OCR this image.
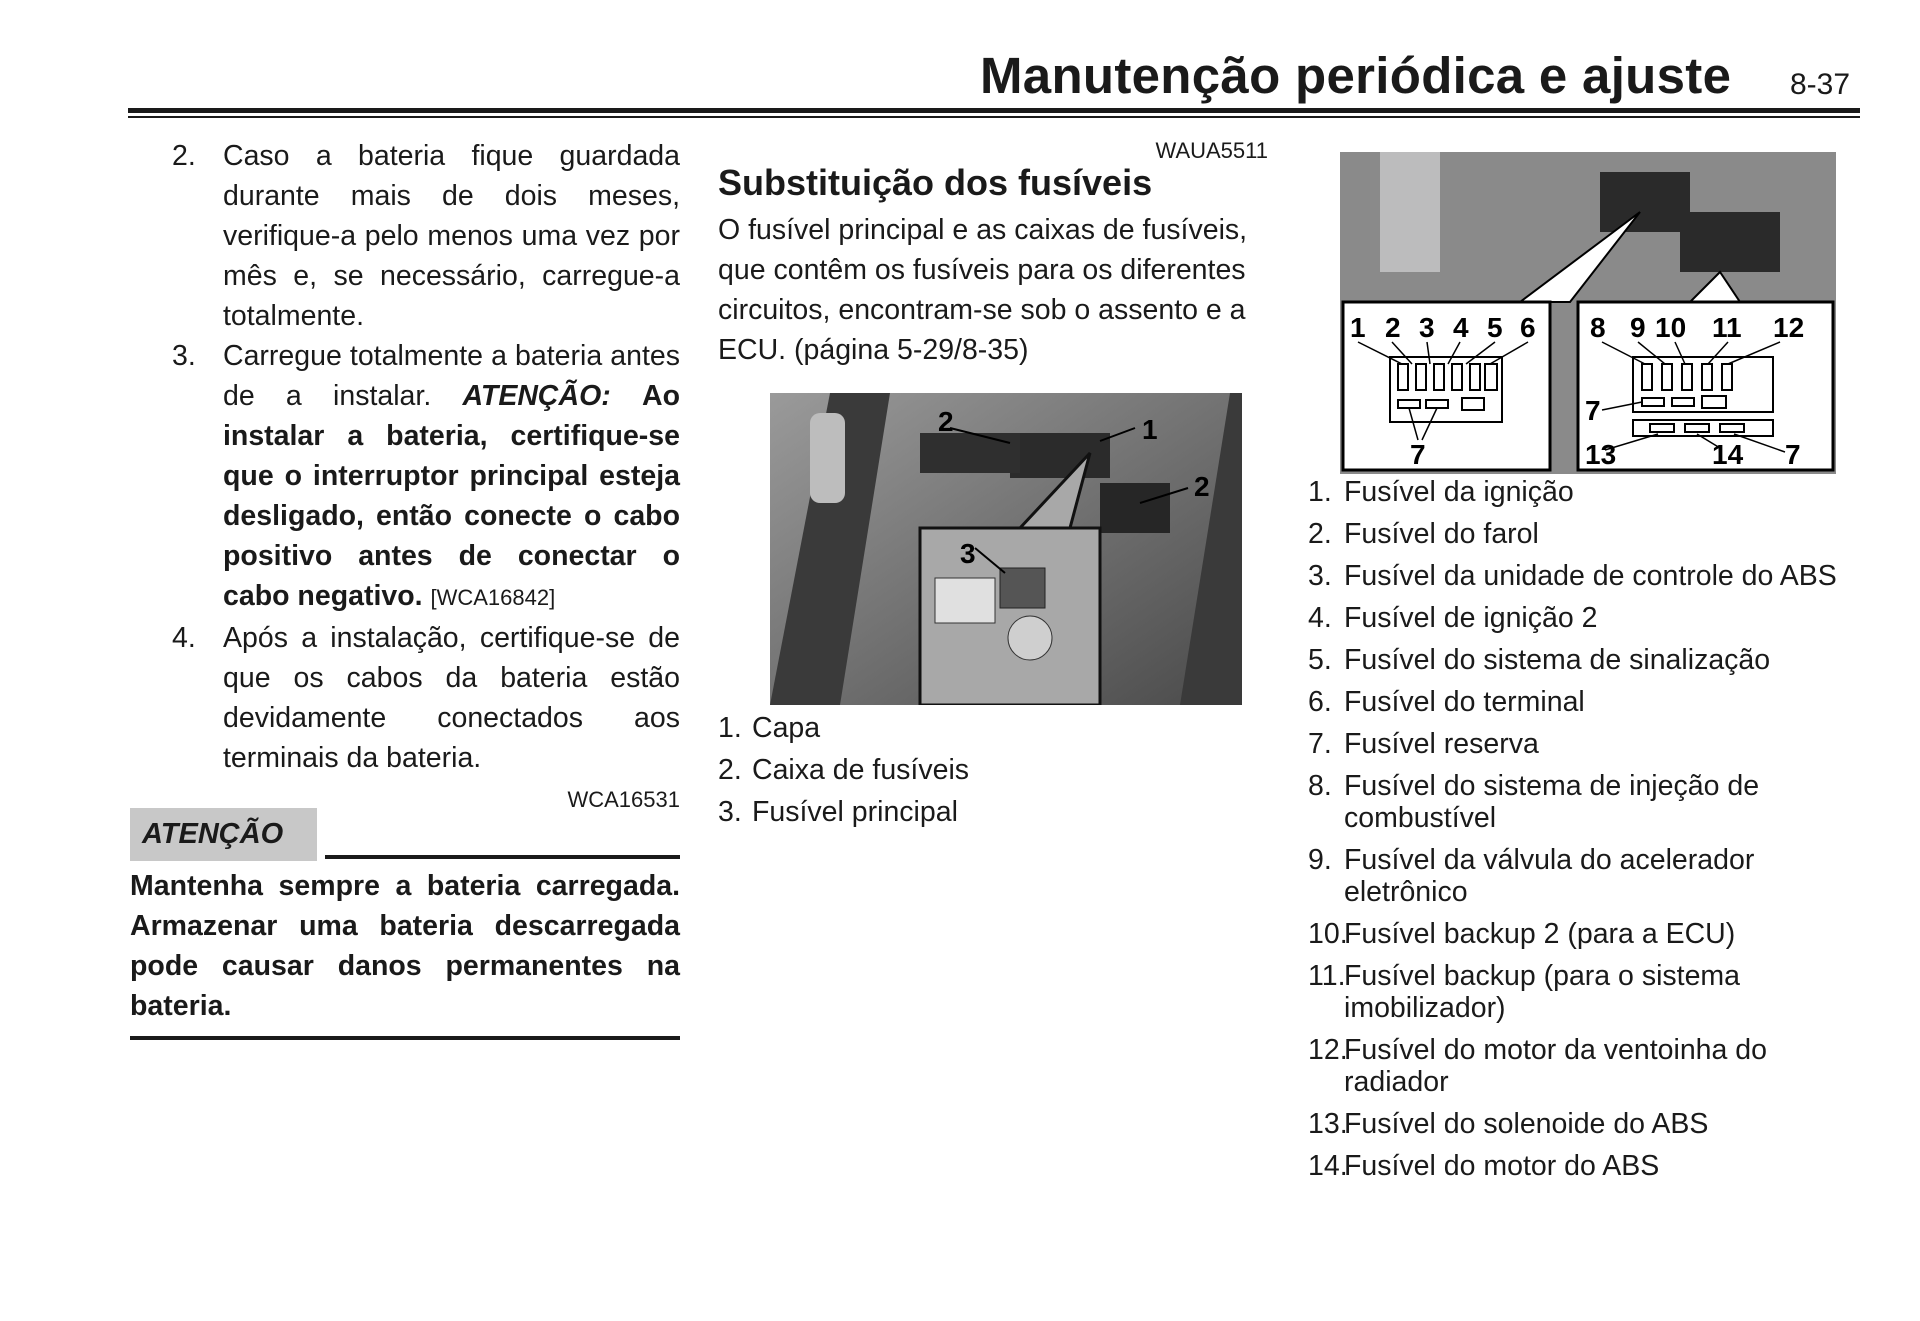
Manutenção periódica e ajuste 8-37
2. Caso a bateria fique guardada durante mais de dois meses, verifique-a pelo menos uma vez por mês e, se necessário, carregue-a totalmente.
3. Carregue totalmente a bateria antes de a instalar. ATENÇÃO: Ao instalar a bateria, certifique-se que o interruptor principal esteja desligado, então conecte o cabo positivo antes de conectar o cabo negativo. [WCA16842]
4. Após a instalação, certifique-se de que os cabos da bateria estão devidamente conectados aos terminais da bateria.
WCA16531
ATENÇÃO
Mantenha sempre a bateria carregada. Armazenar uma bateria descarregada pode causar danos permanentes na bateria.
WAUA5511
Substituição dos fusíveis
O fusível principal e as caixas de fusíveis, que contêm os fusíveis para os diferentes circuitos, encontram-se sob o assento e a ECU. (página 5-29/8-35)
2	1
2
3
1. Capa
2. Caixa de fusíveis
3. Fusível principal
1 2 3 4 5 6
7
8 9 10 11 12
7
13	14 7
1. Fusível da ignição
2. Fusível do farol
3. Fusível da unidade de controle do ABS
4. Fusível de ignição 2
5. Fusível do sistema de sinalização
6. Fusível do terminal
7. Fusível reserva
8. Fusível do sistema de injeção de combustível
9. Fusível da válvula do acelerador eletrônico
10.
Fusível backup 2 (para a ECU)
11.
Fusível backup (para o sistema imobilizador)
12.
Fusível do motor da ventoinha do radiador
13.
Fusível do solenoide do ABS
14.
Fusível do motor do ABS
